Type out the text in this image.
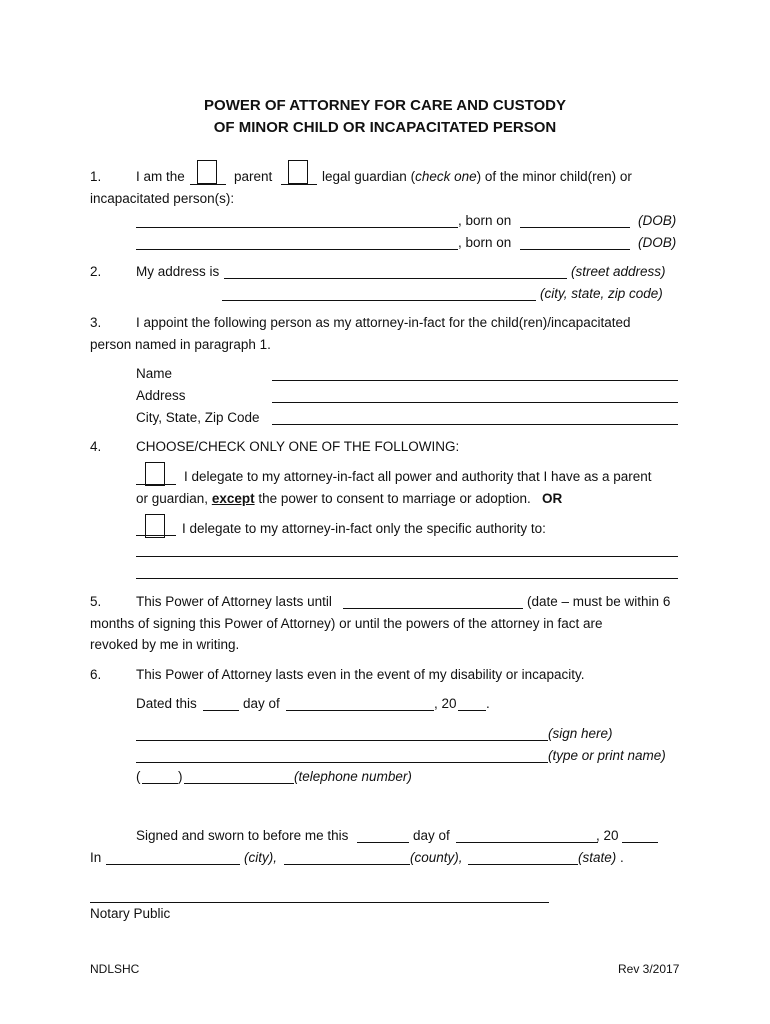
POWER OF ATTORNEY FOR CARE AND CUSTODY
OF MINOR CHILD OR INCAPACITATED PERSON
1.	I am the	parent	legal guardian (check one) of the minor child(ren) or
incapacitated person(s):
, born on	(DOB)
, born on	(DOB)
2.	My address is	(street address)
(city, state, zip code)
3.	I appoint the following person as my attorney-in-fact for the child(ren)/incapacitated
person named in paragraph 1.
Name
Address
City, State, Zip Code
4.	CHOOSE/CHECK ONLY ONE OF THE FOLLOWING:
I delegate to my attorney-in-fact all power and authority that I have as a parent
or guardian, except the power to consent to marriage or adoption. OR
I delegate to my attorney-in-fact only the specific authority to:
5.	This Power of Attorney lasts until	(date – must be within 6
months of signing this Power of Attorney) or until the powers of the attorney in fact are
revoked by me in writing.
6.	This Power of Attorney lasts even in the event of my disability or incapacity.
Dated this	day of	, 20 .
(sign here)
(type or print name)
(	)	(telephone number)
Signed and sworn to before me this	day of	, 20
In	(city),	(county),	(state) .
Notary Public
NDLSHC	Rev 3/2017
